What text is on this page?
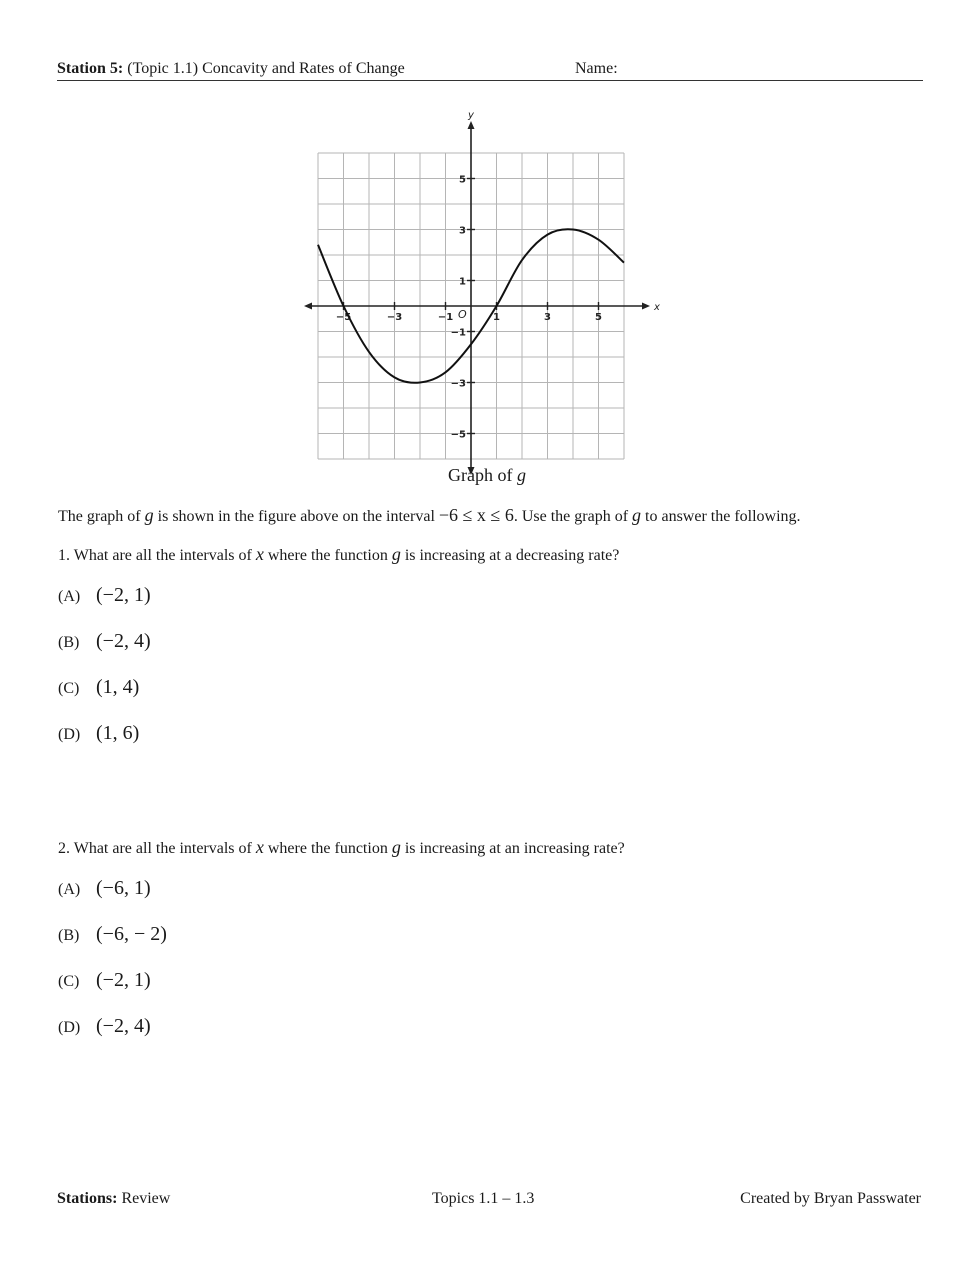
Station 5: (Topic 1.1) Concavity and Rates of Change	Name:
x
y
O
−5	−3	−1	1	3	5
5
3
1
−1
−3
−5
Graph of g
The graph of g is shown in the figure above on the interval −6 ≤ x ≤ 6. Use the graph of g to answer the following.
1. What are all the intervals of x where the function g is increasing at a decreasing rate?
(A) (−2, 1)
(B) (−2, 4)
(C) (1, 4)
(D) (1, 6)
2. What are all the intervals of x where the function g is increasing at an increasing rate?
(A) (−6, 1)
(B) (−6, − 2)
(C) (−2, 1)
(D) (−2, 4)
Stations: Review	Topics 1.1 – 1.3	Created by Bryan Passwater
